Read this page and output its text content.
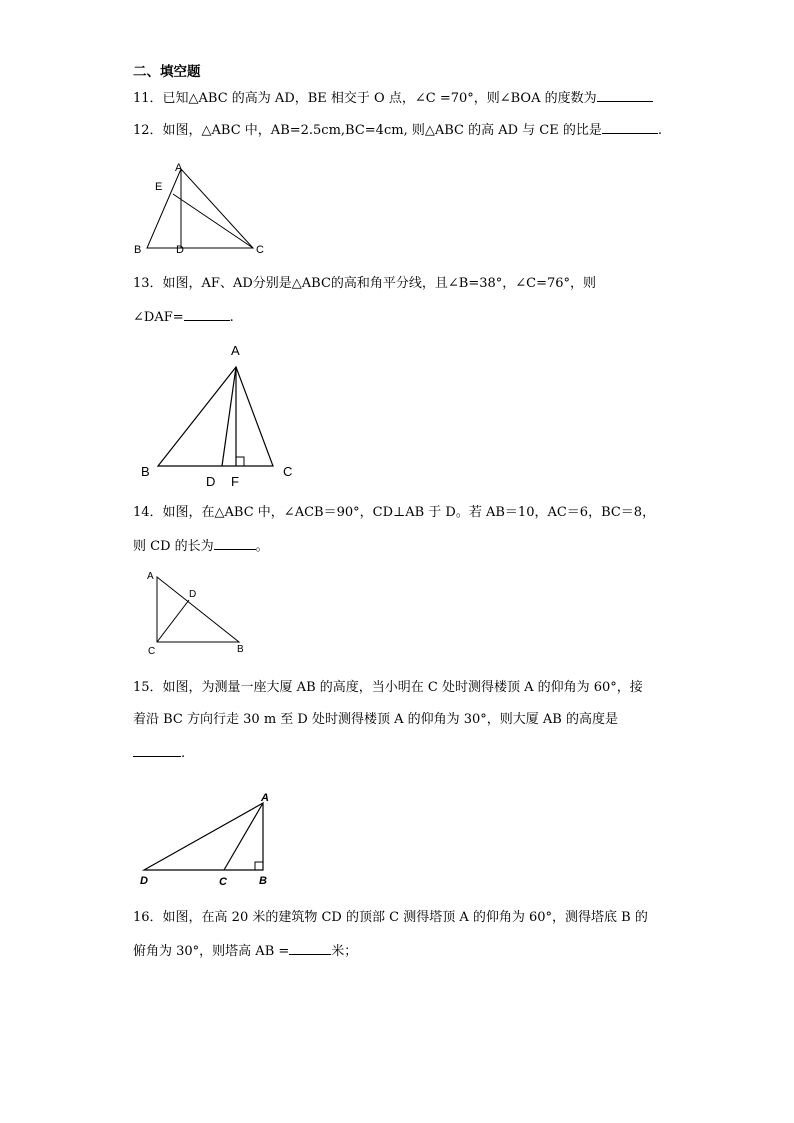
二、填空题
11．已知△ABC 的高为 AD，BE 相交于 O 点，∠C =70°，则∠BOA 的度数为
12．如图，△ABC 中，AB=2.5cm,BC=4cm, 则△ABC 的高 AD 与 CE 的比是	.
A
E
B	D	C
13．如图，AF、AD分别是△ABC的高和角平分线，且∠B=38°，∠C=76°，则
∠DAF=	.
A
B	C
D F
14．如图，在△ABC 中，∠ACB＝90°，CD⊥AB 于 D。若 AB＝10，AC＝6，BC＝8，
则 CD 的长为	。
A
D
C	B
15．如图，为测量一座大厦 AB 的高度，当小明在 C 处时测得楼顶 A 的仰角为 60°，接
着沿 BC 方向行走 30 m 至 D 处时测得楼顶 A 的仰角为 30°，则大厦 AB 的高度是
.
A
D	C	B
16．如图，在高 20 米的建筑物 CD 的顶部 C 测得塔顶 A 的仰角为 60°，测得塔底 B 的
俯角为 30°，则塔高 AB =	米；
